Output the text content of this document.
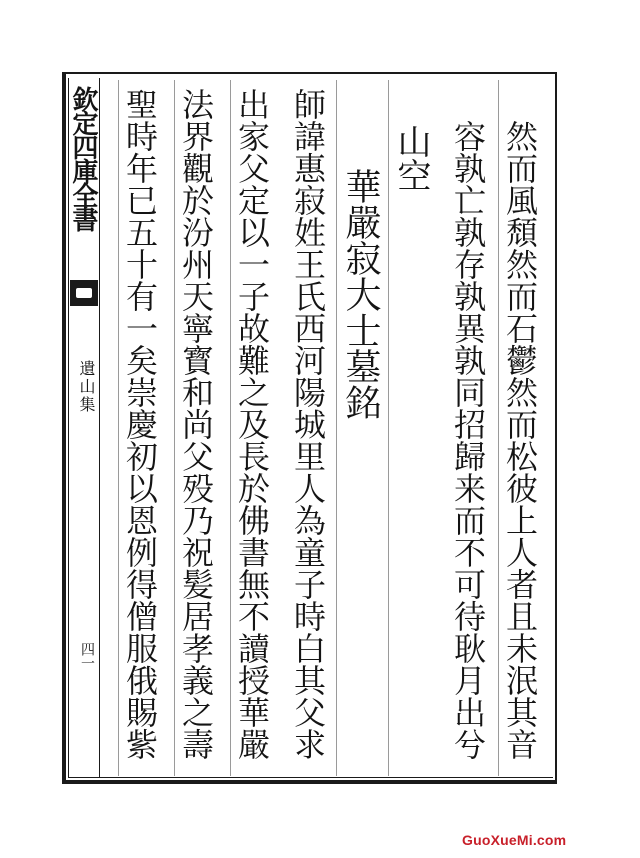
欽定四庫全書
遺山集
四一	然而風頹然而石鬱然而松彼上人者且未泯其音
容孰亡孰存孰異孰同招歸来而不可待耿月出兮
山空
華嚴寂大士墓銘
師諱惠寂姓王氏西河陽城里人為童子時白其父求
出家父定以一子故難之及長於佛書無不讀授華嚴
法界觀於汾州天寧寳和尚父殁乃祝髪居孝義之壽
聖時年已五十有一矣崇慶初以恩例得僧服俄賜紫
GuoXueMi.com
